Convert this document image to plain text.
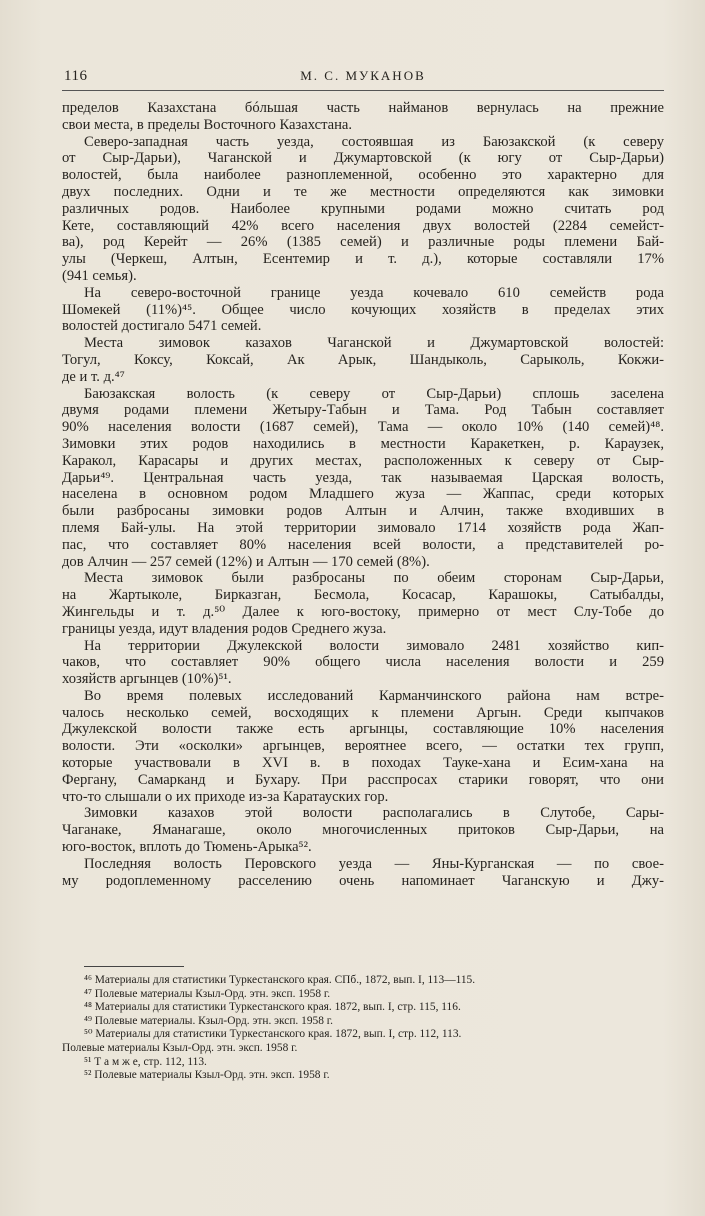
116	М. С. МУКАНОВ
пределов Казахстана бóльшая часть найманов вернулась на прежние
свои места, в пределы Восточного Казахстана.
Северо-западная часть уезда, состоявшая из Баюзакской (к северу
от Сыр-Дарьи), Чаганской и Джумартовской (к югу от Сыр-Дарьи)
волостей, была наиболее разноплеменной, особенно это характерно для
двух последних. Одни и те же местности определяются как зимовки
различных родов. Наиболее крупными родами можно считать род
Кете, составляющий 42% всего населения двух волостей (2284 семейст-
ва), род Керейт — 26% (1385 семей) и различные роды племени Бай-
улы (Черкеш, Алтын, Есентемир и т. д.), которые составляли 17%
(941 семья).
На северо-восточной границе уезда кочевало 610 семейств рода
Шомекей (11%)⁴⁵. Общее число кочующих хозяйств в пределах этих
волостей достигало 5471 семей.
Места зимовок казахов Чаганской и Джумартовской волостей:
Тогул, Коксу, Коксай, Ак Арык, Шандыколь, Сарыколь, Кокжи-
де и т. д.⁴⁷
Баюзакская волость (к северу от Сыр-Дарьи) сплошь заселена
двумя родами племени Жетыру-Табын и Тама. Род Табын составляет
90% населения волости (1687 семей), Тама — около 10% (140 семей)⁴⁸.
Зимовки этих родов находились в местности Каракеткен, р. Караузек,
Каракол, Карасары и других местах, расположенных к северу от Сыр-
Дарьи⁴⁹. Центральная часть уезда, так называемая Царская волость,
населена в основном родом Младшего жуза — Жаппас, среди которых
были разбросаны зимовки родов Алтын и Алчин, также входивших в
племя Бай-улы. На этой территории зимовало 1714 хозяйств рода Жап-
пас, что составляет 80% населения всей волости, а представителей ро-
дов Алчин — 257 семей (12%) и Алтын — 170 семей (8%).
Места зимовок были разбросаны по обеим сторонам Сыр-Дарьи,
на Жартыколе, Бирказган, Бесмола, Косасар, Карашокы, Сатыбалды,
Жингельды и т. д.⁵⁰ Далее к юго-востоку, примерно от мест Слу-Тобе до
границы уезда, идут владения родов Среднего жуза.
На территории Джулекской волости зимовало 2481 хозяйство кип-
чаков, что составляет 90% общего числа населения волости и 259
хозяйств аргынцев (10%)⁵¹.
Во время полевых исследований Карманчинского района нам встре-
чалось несколько семей, восходящих к племени Аргын. Среди кыпчаков
Джулекской волости также есть аргынцы, составляющие 10% населения
волости. Эти «осколки» аргынцев, вероятнее всего, — остатки тех групп,
которые участвовали в XVI в. в походах Тауке-хана и Есим-хана на
Фергану, Самарканд и Бухару. При расспросах старики говорят, что они
что-то слышали о их приходе из-за Каратауских гор.
Зимовки казахов этой волости располагались в Слутобе, Сары-
Чаганаке, Яманагаше, около многочисленных притоков Сыр-Дарьи, на
юго-восток, вплоть до Тюмень-Арыка⁵².
Последняя волость Перовского уезда — Яны-Курганская — по свое-
му родоплеменному расселению очень напоминает Чаганскую и Джу-
⁴⁶ Материалы для статистики Туркестанского края. СПб., 1872, вып. I, 113—115.
⁴⁷ Полевые материалы Кзыл-Орд. этн. эксп. 1958 г.
⁴⁸ Материалы для статистики Туркестанского края. 1872, вып. I, стр. 115, 116.
⁴⁹ Полевые материалы. Кзыл-Орд. этн. эксп. 1958 г.
⁵⁰ Материалы для статистики Туркестанского края. 1872, вып. I, стр. 112, 113.
Полевые материалы Кзыл-Орд. этн. эксп. 1958 г.
⁵¹ Т а м ж е, стр. 112, 113.
⁵² Полевые материалы Кзыл-Орд. этн. эксп. 1958 г.
